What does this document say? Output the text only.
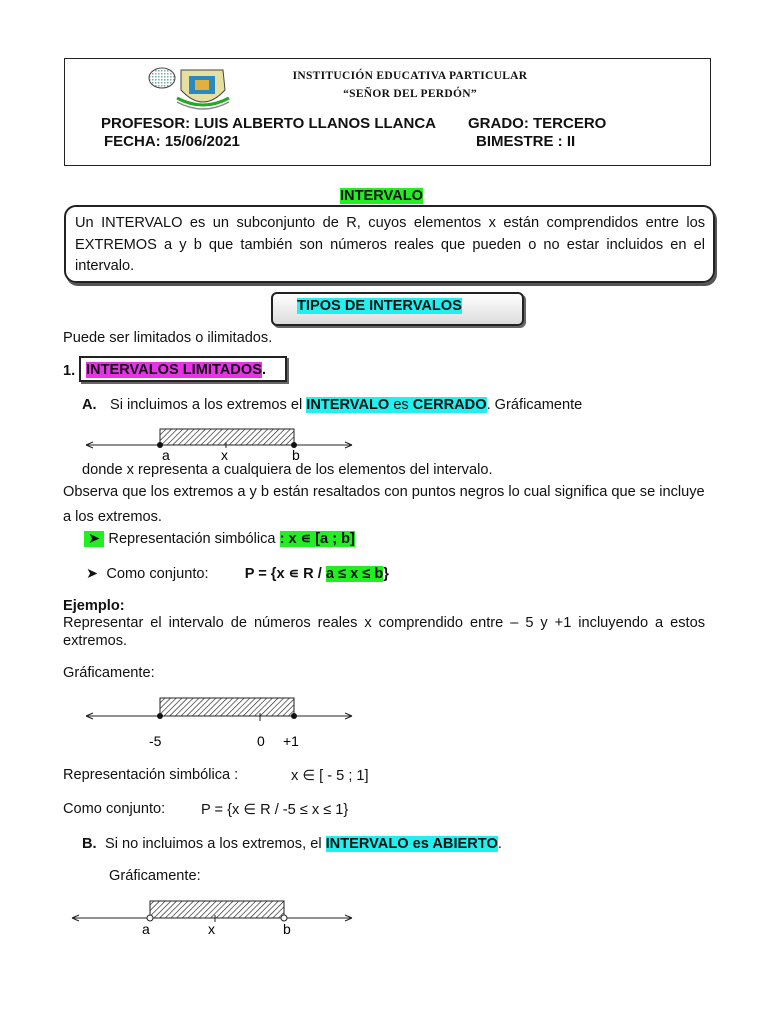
INSTITUCIÓN EDUCATIVA PARTICULAR
“SEÑOR DEL PERDÓN”
PROFESOR: LUIS ALBERTO LLANOS LLANCA GRADO: TERCERO
FECHA: 15/06/2021	BIMESTRE : II
INTERVALO
Un INTERVALO es un subconjunto de R, cuyos elementos x están comprendidos entre los EXTREMOS a y b que también son números reales que pueden o no estar incluidos en el intervalo.
TIPOS DE INTERVALOS
Puede ser limitados o ilimitados.
1. INTERVALOS LIMITADOS.
A. Si incluimos a los extremos el INTERVALO es CERRADO. Gráficamente
a	x	b
donde x representa a cualquiera de los elementos del intervalo.
Observa que los extremos a y b están resaltados con puntos negros lo cual significa que se incluye a los extremos.
➤  Representación simbólica : x ∊ [a ; b]
➤  Como conjunto: P = {x ∊ R / a ≤ x ≤ b}
Ejemplo:
Representar el intervalo de números reales x comprendido entre – 5 y +1 incluyendo a estos extremos.
Gráficamente:
-5	0 +1
Representación simbólica :	x ∈ [ - 5 ; 1]
Como conjunto: P = {x ∈ R / -5 ≤ x ≤ 1}
B. Si no incluimos a los extremos, el INTERVALO es ABIERTO.
Gráficamente:
a	x	b
